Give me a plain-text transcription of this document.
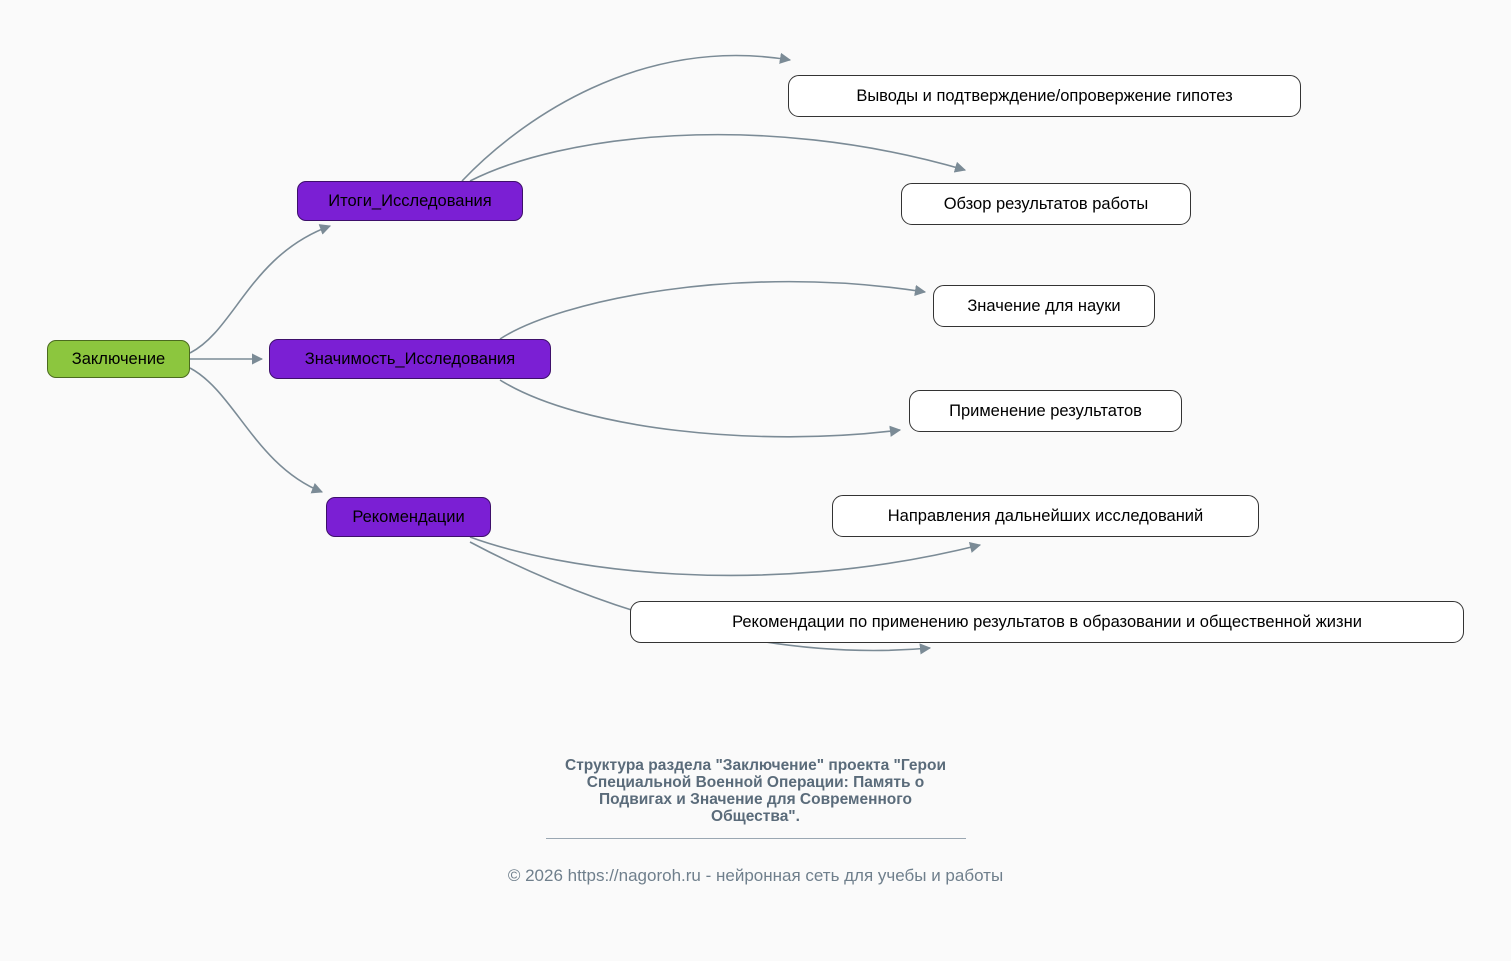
Заключение
Итоги_Исследования
Выводы и подтверждение/опровержение гипотез
Обзор результатов работы
Значимость_Исследования
Значение для науки
Применение результатов
Рекомендации	Направления дальнейших исследований
Рекомендации по применению результатов в образовании и общественной жизни
Структура раздела "Заключение" проекта "Герои
Специальной Военной Операции: Память о
Подвигах и Значение для Современного
Общества".
© 2026 https://nagoroh.ru - нейронная сеть для учебы и работы
